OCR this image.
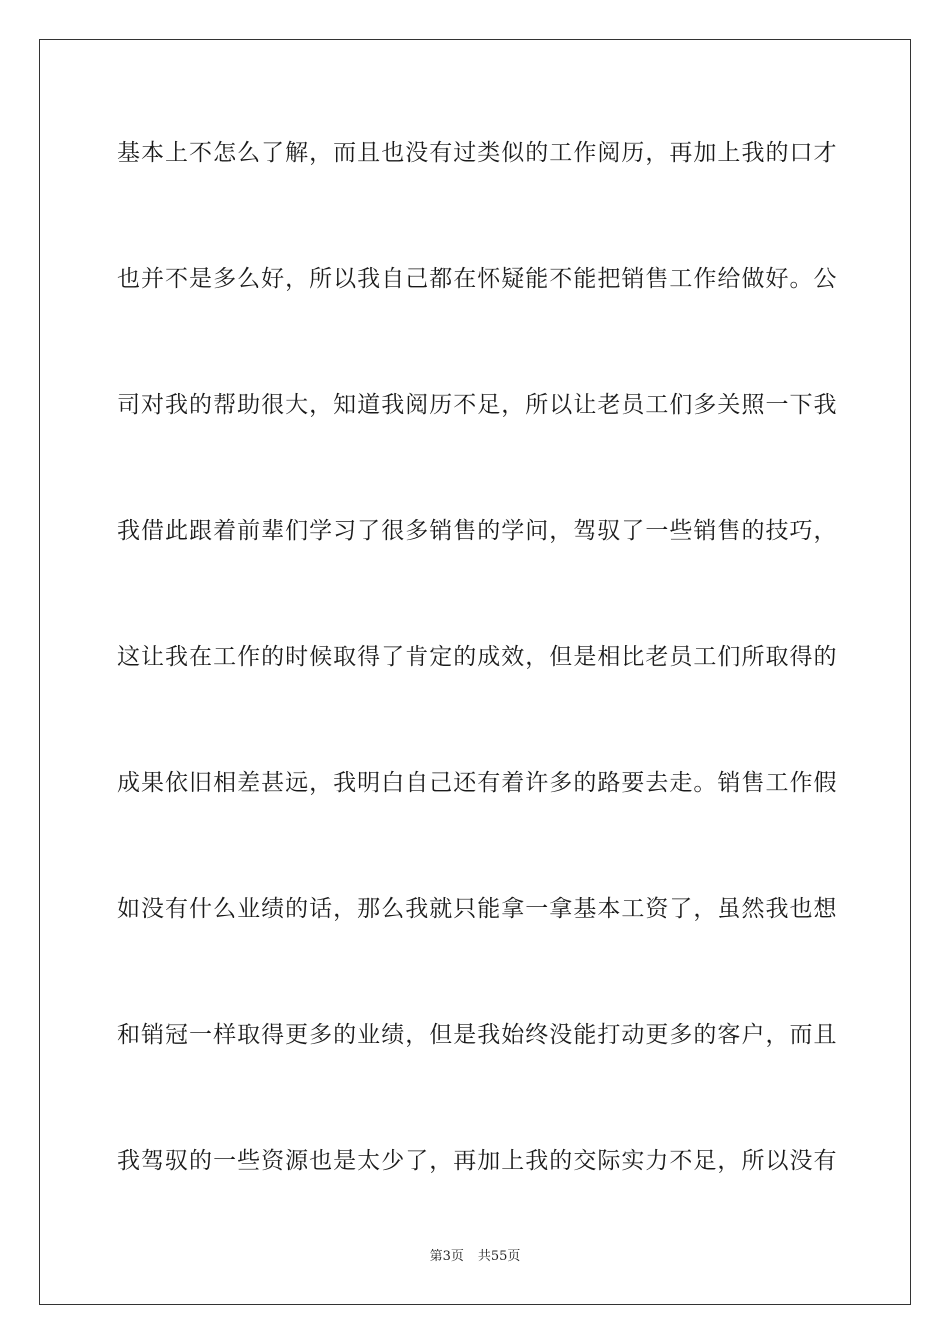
基本上不怎么了解，而且也没有过类似的工作阅历，再加上我的口才
也并不是多么好，所以我自己都在怀疑能不能把销售工作给做好。公
司对我的帮助很大，知道我阅历不足，所以让老员工们多关照一下我
我借此跟着前辈们学习了很多销售的学问，驾驭了一些销售的技巧，
这让我在工作的时候取得了肯定的成效，但是相比老员工们所取得的
成果依旧相差甚远，我明白自己还有着许多的路要去走。销售工作假
如没有什么业绩的话，那么我就只能拿一拿基本工资了，虽然我也想
和销冠一样取得更多的业绩，但是我始终没能打动更多的客户，而且
我驾驭的一些资源也是太少了，再加上我的交际实力不足，所以没有
第3页 共55页
